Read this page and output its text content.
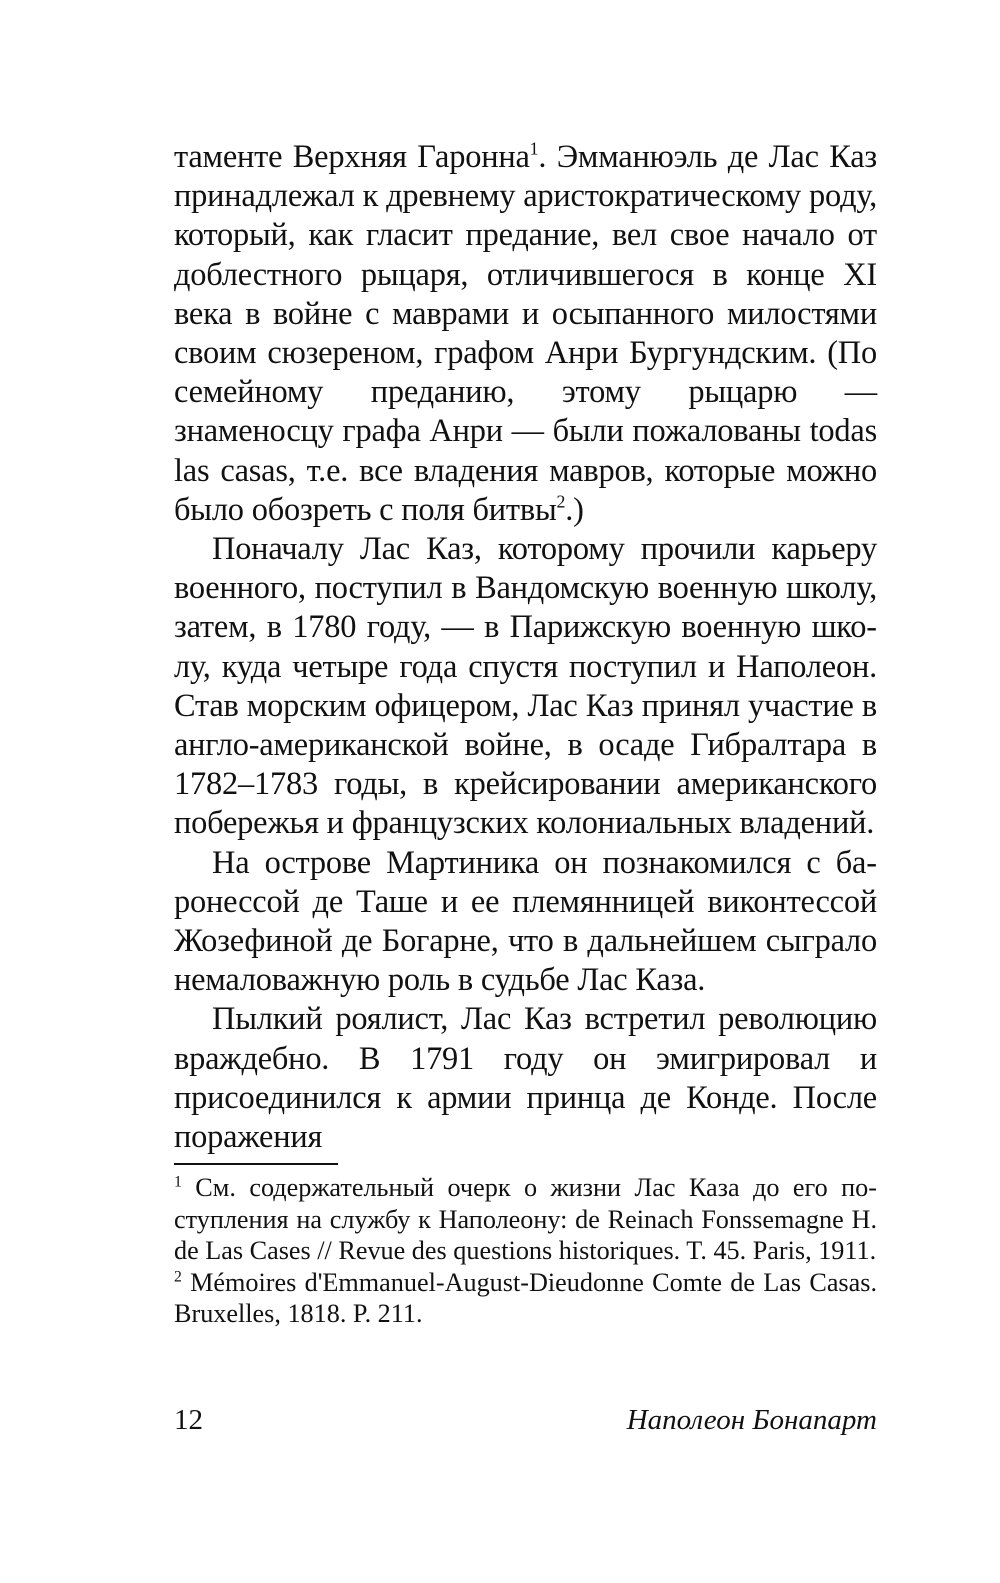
таменте Верхняя Гаронна$^1$. Эмманюэль де Лас Каз принадлежал к древнему аристократическому роду, который, как гласит предание, вел свое начало от доблестного рыцаря, отличившегося в конце XI века в войне с маврами и осыпанного милостями своим сюзереном, графом Анри Бургундским. (По семейному преданию, этому рыцарю — знаменосцу графа Анри — были пожалованы todas las casas, т.е. все владения мавров, которые можно было обозреть с поля битвы$^2$.)

Поначалу Лас Каз, которому прочили карьеру военного, поступил в Вандомскую военную школу, затем, в 1780 году, — в Парижскую военную школу, куда четыре года спустя поступил и Наполеон. Став морским офицером, Лас Каз принял участие в англо-американской войне, в осаде Гибралтара в 1782–1783 годы, в крейсировании американского побережья и французских колониальных владений.

На острове Мартиника он познакомился с баронессой де Таше и ее племянницей виконтессой Жозефиной де Богарне, что в дальнейшем сыграло немаловажную роль в судьбе Лас Каза.

Пылкий роялист, Лас Каз встретил революцию враждебно. В 1791 году он эмигрировал и присоединился к армии принца де Конде. После поражения

$^1$ См. содержательный очерк о жизни Лас Каза до его поступления на службу к Наполеону: de Reinach Fonssemagne H. de Las Cases // Revue des questions historiques. T. 45. Paris, 1911.

$^2$ Mémoires d'Emmanuel-August-Dieudonne Comte de Las Casas. Bruxelles, 1818. P. 211.

12	Наполеон Бонапарт
